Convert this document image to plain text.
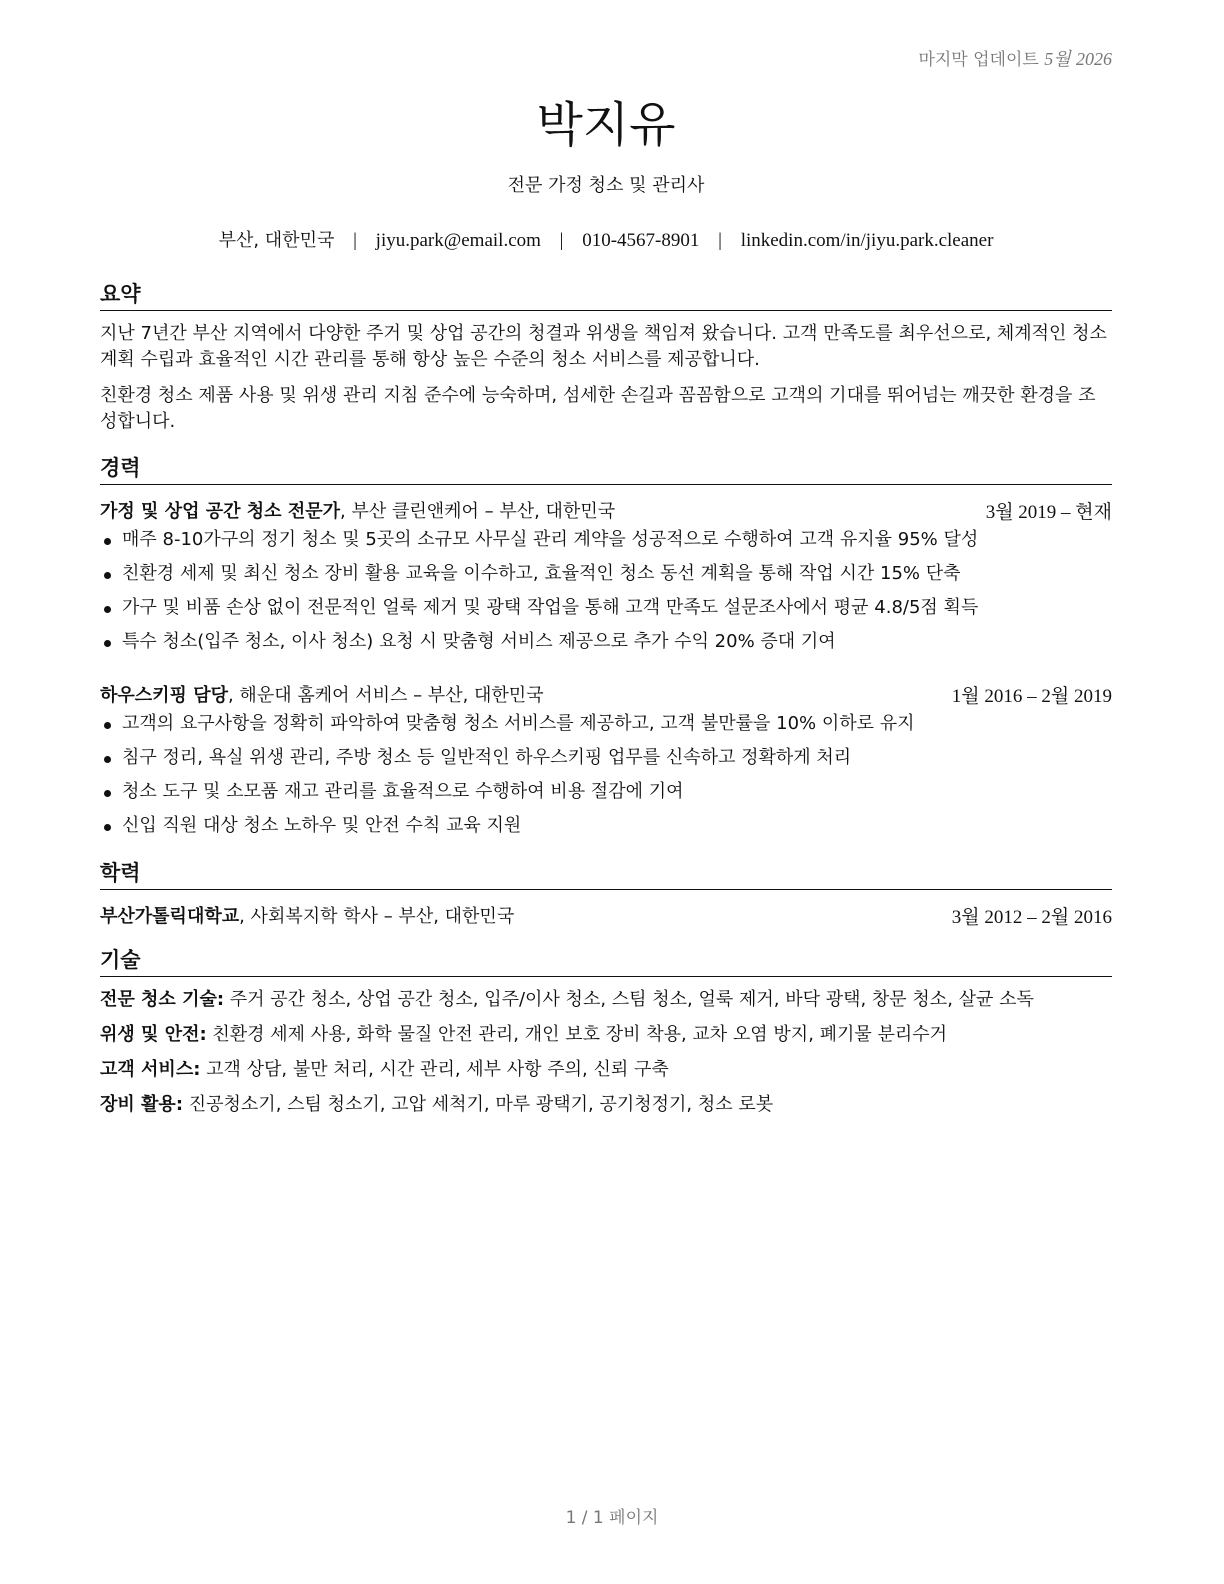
마지막 업데이트 5월 2026
박지유
전문 가정 청소 및 관리사
부산, 대한민국 | jiyu.park@email.com | 010-4567-8901 | linkedin.com/in/jiyu.park.cleaner
요약
지난 7년간 부산 지역에서 다양한 주거 및 상업 공간의 청결과 위생을 책임져 왔습니다. 고객 만족도를 최우선으로, 체계적인 청소 계획 수립과 효율적인 시간 관리를 통해 항상 높은 수준의 청소 서비스를 제공합니다.
친환경 청소 제품 사용 및 위생 관리 지침 준수에 능숙하며, 섬세한 손길과 꼼꼼함으로 고객의 기대를 뛰어넘는 깨끗한 환경을 조성합니다.
경력
가정 및 상업 공간 청소 전문가, 부산 클린앤케어 – 부산, 대한민국	3월 2019 – 현재
매주 8-10가구의 정기 청소 및 5곳의 소규모 사무실 관리 계약을 성공적으로 수행하여 고객 유지율 95% 달성
친환경 세제 및 최신 청소 장비 활용 교육을 이수하고, 효율적인 청소 동선 계획을 통해 작업 시간 15% 단축
가구 및 비품 손상 없이 전문적인 얼룩 제거 및 광택 작업을 통해 고객 만족도 설문조사에서 평균 4.8/5점 획득
특수 청소(입주 청소, 이사 청소) 요청 시 맞춤형 서비스 제공으로 추가 수익 20% 증대 기여
하우스키핑 담당, 해운대 홈케어 서비스 – 부산, 대한민국	1월 2016 – 2월 2019
고객의 요구사항을 정확히 파악하여 맞춤형 청소 서비스를 제공하고, 고객 불만률을 10% 이하로 유지
침구 정리, 욕실 위생 관리, 주방 청소 등 일반적인 하우스키핑 업무를 신속하고 정확하게 처리
청소 도구 및 소모품 재고 관리를 효율적으로 수행하여 비용 절감에 기여
신입 직원 대상 청소 노하우 및 안전 수칙 교육 지원
학력
부산가톨릭대학교, 사회복지학 학사 – 부산, 대한민국	3월 2012 – 2월 2016
기술
전문 청소 기술: 주거 공간 청소, 상업 공간 청소, 입주/이사 청소, 스팀 청소, 얼룩 제거, 바닥 광택, 창문 청소, 살균 소독
위생 및 안전: 친환경 세제 사용, 화학 물질 안전 관리, 개인 보호 장비 착용, 교차 오염 방지, 폐기물 분리수거
고객 서비스: 고객 상담, 불만 처리, 시간 관리, 세부 사항 주의, 신뢰 구축
장비 활용: 진공청소기, 스팀 청소기, 고압 세척기, 마루 광택기, 공기청정기, 청소 로봇
1 / 1 페이지
